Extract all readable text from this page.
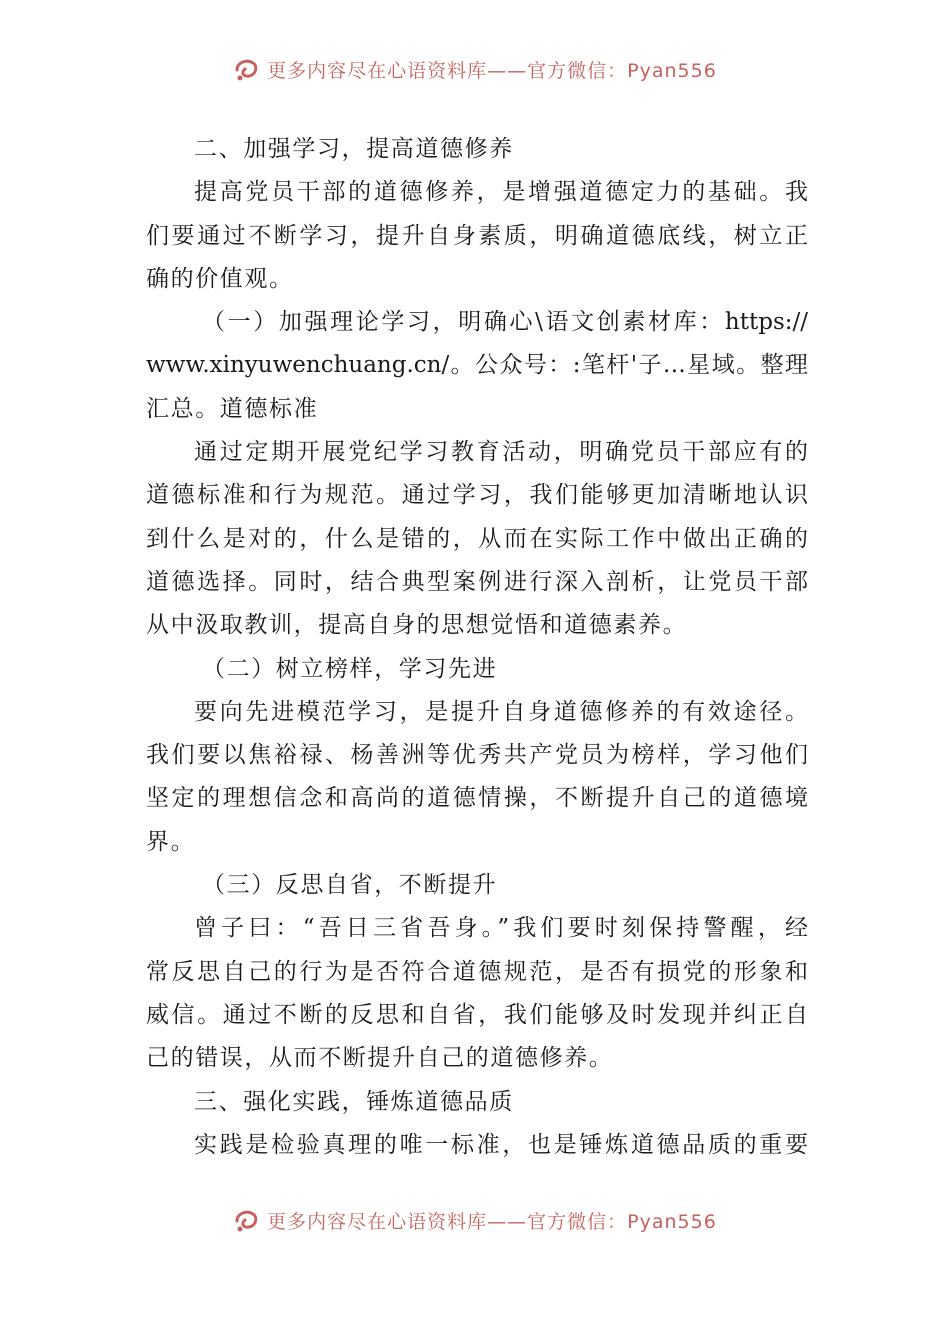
更多内容尽在心语资料库——官方微信：Pyan556
二、加强学习，提高道德修养
提高党员干部的道德修养，是增强道德定力的基础。我
们要通过不断学习，提升自身素质，明确道德底线，树立正
确的价值观。
（一）加强理论学习，明确心\语文创素材库：https://
www.xinyuwenchuang.cn/。公众号：:笔杆'子…星域。整理
汇总。道德标准
通过定期开展党纪学习教育活动，明确党员干部应有的
道德标准和行为规范。通过学习，我们能够更加清晰地认识
到什么是对的，什么是错的，从而在实际工作中做出正确的
道德选择。同时，结合典型案例进行深入剖析，让党员干部
从中汲取教训，提高自身的思想觉悟和道德素养。
（二）树立榜样，学习先进
要向先进模范学习，是提升自身道德修养的有效途径。
我们要以焦裕禄、杨善洲等优秀共产党员为榜样，学习他们
坚定的理想信念和高尚的道德情操，不断提升自己的道德境
界。
（三）反思自省，不断提升
曾子曰：“吾日三省吾身。”我们要时刻保持警醒，经
常反思自己的行为是否符合道德规范，是否有损党的形象和
威信。通过不断的反思和自省，我们能够及时发现并纠正自
己的错误，从而不断提升自己的道德修养。
三、强化实践，锤炼道德品质
实践是检验真理的唯一标准，也是锤炼道德品质的重要
更多内容尽在心语资料库——官方微信：Pyan556
